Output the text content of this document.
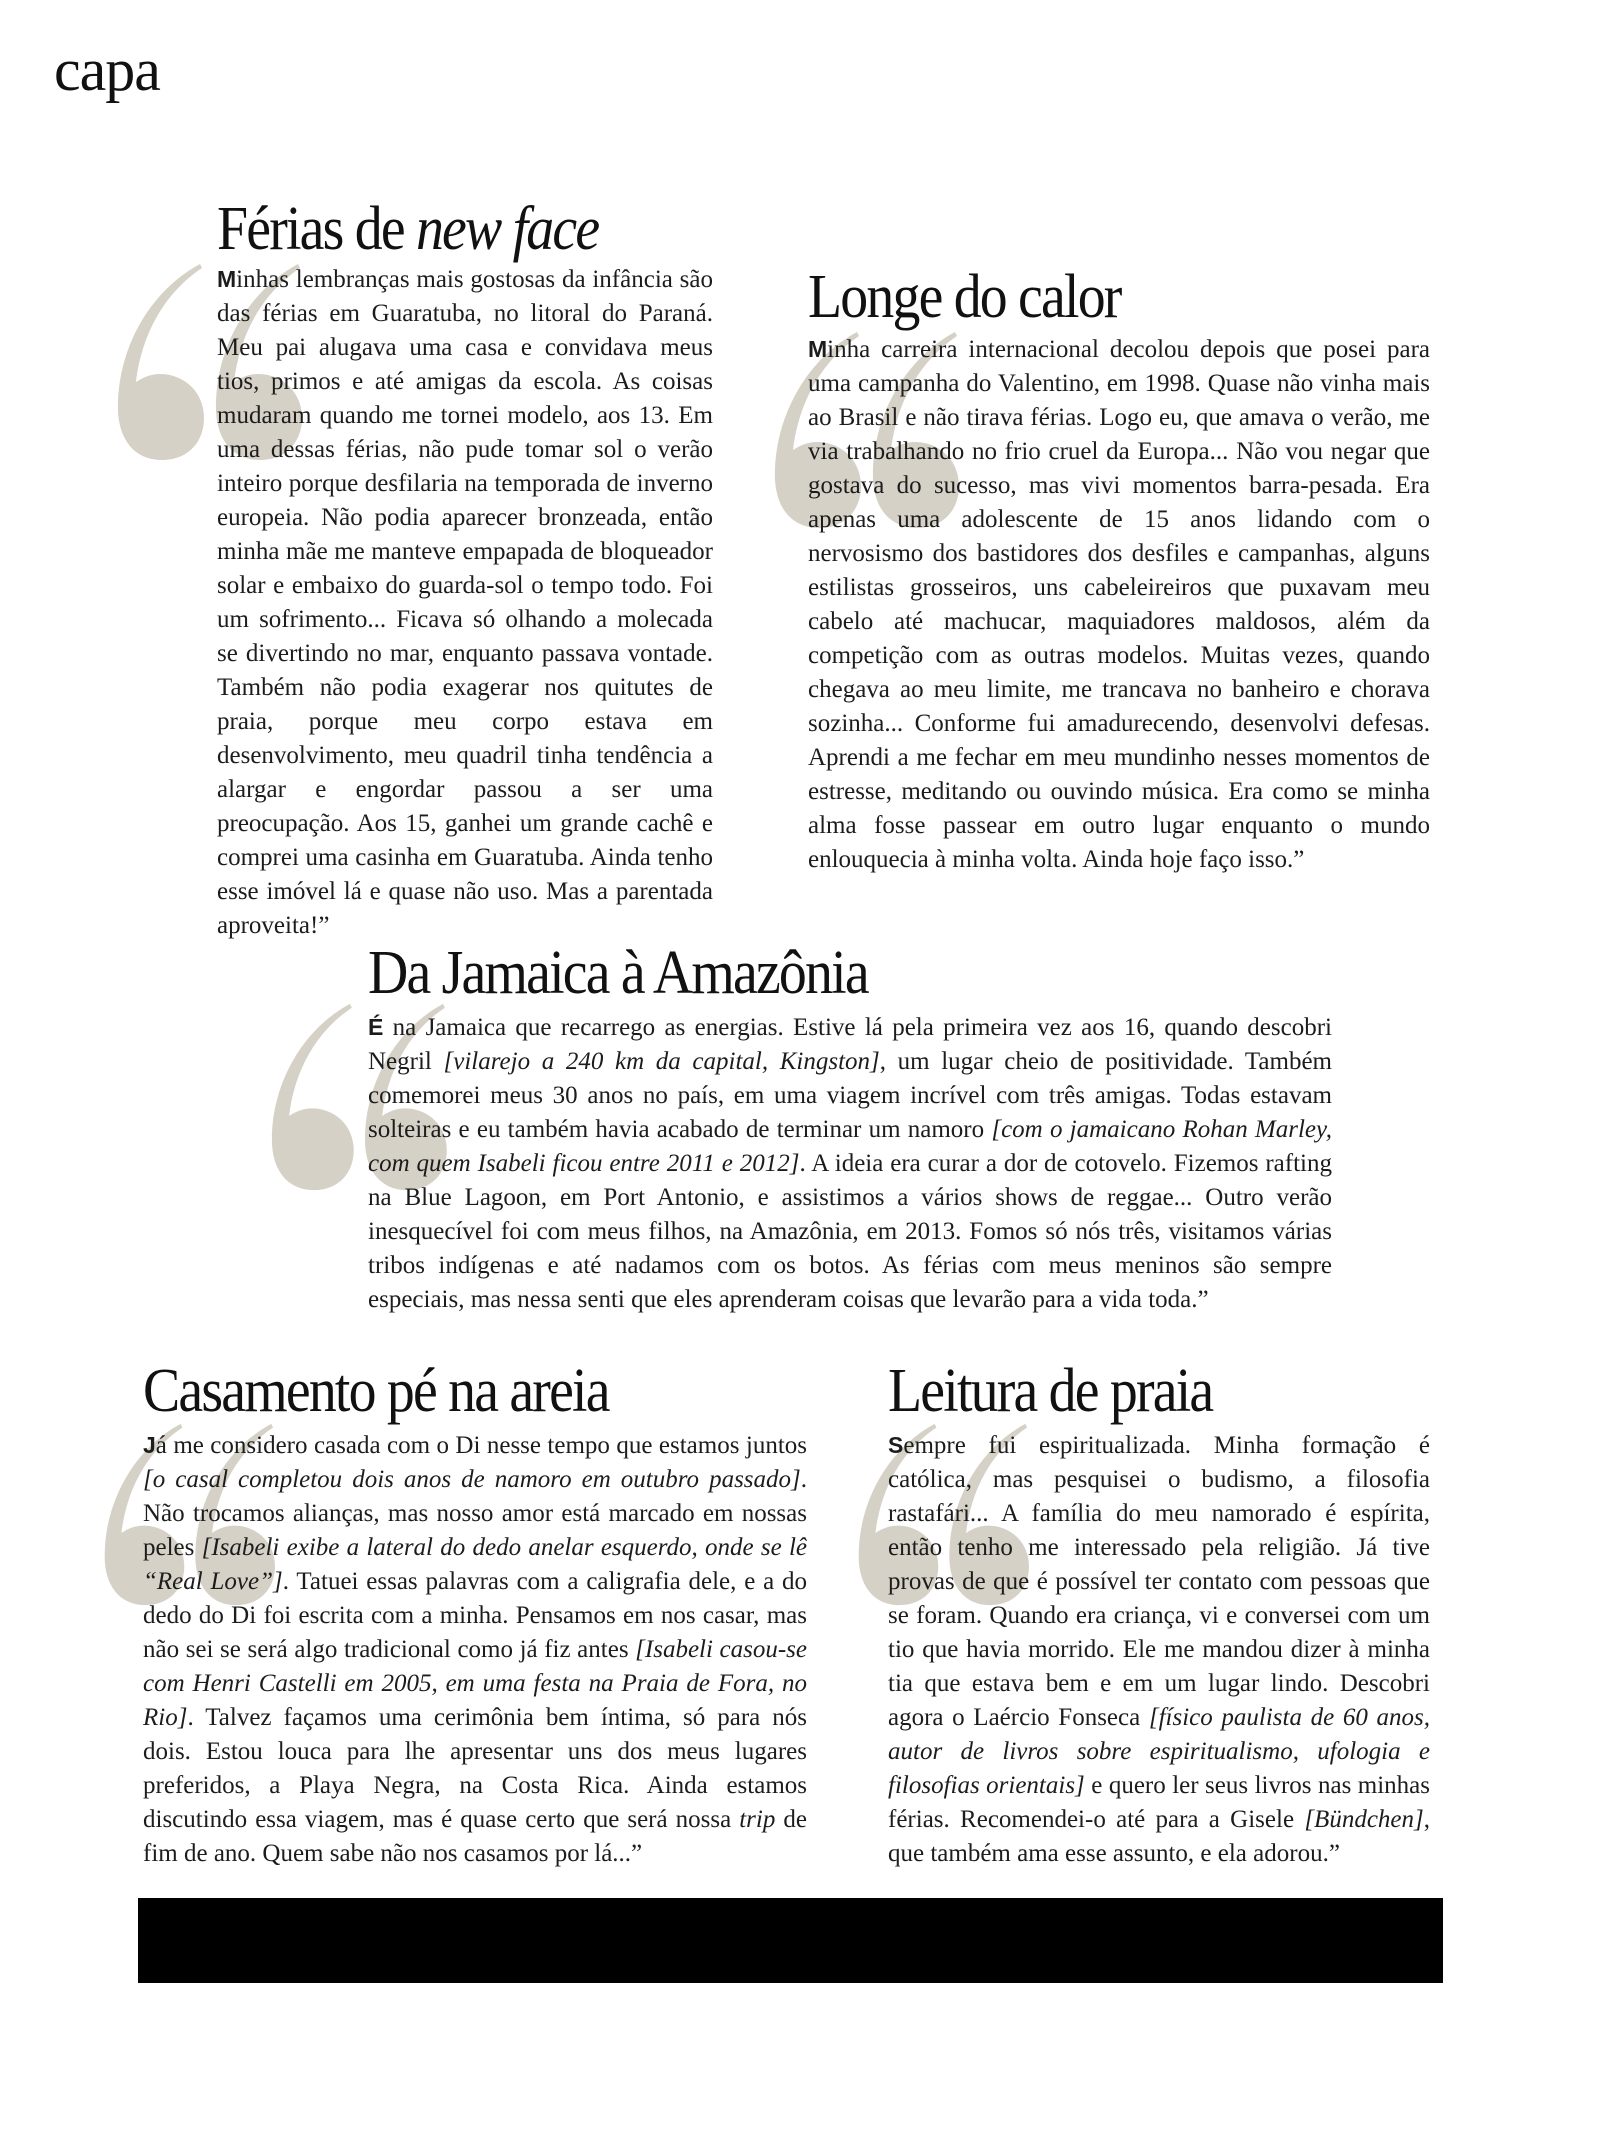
capa
Férias de new face

Minhas lembranças mais gostosas da infância são das férias em Guaratuba, no litoral do Paraná. Meu pai alugava uma casa e convidava meus tios, primos e até amigas da escola. As coisas mudaram quando me tornei modelo, aos 13. Em uma dessas férias, não pude tomar sol o verão inteiro porque desfilaria na temporada de inverno europeia. Não podia aparecer bronzeada, então minha mãe me manteve empapada de bloqueador solar e embaixo do guarda-sol o tempo todo. Foi um sofrimento... Ficava só olhando a molecada se divertindo no mar, enquanto passava vontade. Também não podia exagerar nos quitutes de praia, porque meu corpo estava em desenvolvimento, meu quadril tinha tendência a alargar e engordar passou a ser uma preocupação. Aos 15, ganhei um grande cachê e comprei uma casinha em Guaratuba. Ainda tenho esse imóvel lá e quase não uso. Mas a parentada aproveita!”

Longe do calor

Minha carreira internacional decolou depois que posei para uma campanha do Valentino, em 1998. Quase não vinha mais ao Brasil e não tirava férias. Logo eu, que amava o verão, me via trabalhando no frio cruel da Europa... Não vou negar que gostava do sucesso, mas vivi momentos barra-pesada. Era apenas uma adolescente de 15 anos lidando com o nervosismo dos bastidores dos desfiles e campanhas, alguns estilistas grosseiros, uns cabeleireiros que puxavam meu cabelo até machucar, maquiadores maldosos, além da competição com as outras modelos. Muitas vezes, quando chegava ao meu limite, me trancava no banheiro e chorava sozinha... Conforme fui amadurecendo, desenvolvi defesas. Aprendi a me fechar em meu mundinho nesses momentos de estresse, meditando ou ouvindo música. Era como se minha alma fosse passear em outro lugar enquanto o mundo enlouquecia à minha volta. Ainda hoje faço isso.”

Da Jamaica à Amazônia

É na Jamaica que recarrego as energias. Estive lá pela primeira vez aos 16, quando descobri Negril [vilarejo a 240 km da capital, Kingston], um lugar cheio de positividade. Também comemorei meus 30 anos no país, em uma viagem incrível com três amigas. Todas estavam solteiras e eu também havia acabado de terminar um namoro [com o jamaicano Rohan Marley, com quem Isabeli ficou entre 2011 e 2012]. A ideia era curar a dor de cotovelo. Fizemos rafting na Blue Lagoon, em Port Antonio, e assistimos a vários shows de reggae... Outro verão inesquecível foi com meus filhos, na Amazônia, em 2013. Fomos só nós três, visitamos várias tribos indígenas e até nadamos com os botos. As férias com meus meninos são sempre especiais, mas nessa senti que eles aprenderam coisas que levarão para a vida toda.”

Casamento pé na areia

Já me considero casada com o Di nesse tempo que estamos juntos [o casal completou dois anos de namoro em outubro passado]. Não trocamos alianças, mas nosso amor está marcado em nossas peles [Isabeli exibe a lateral do dedo anelar esquerdo, onde se lê “Real Love”]. Tatuei essas palavras com a caligrafia dele, e a do dedo do Di foi escrita com a minha. Pensamos em nos casar, mas não sei se será algo tradicional como já fiz antes [Isabeli casou-se com Henri Castelli em 2005, em uma festa na Praia de Fora, no Rio]. Talvez façamos uma cerimônia bem íntima, só para nós dois. Estou louca para lhe apresentar uns dos meus lugares preferidos, a Playa Negra, na Costa Rica. Ainda estamos discutindo essa viagem, mas é quase certo que será nossa trip de fim de ano. Quem sabe não nos casamos por lá...”

Leitura de praia

Sempre fui espiritualizada. Minha formação é católica, mas pesquisei o budismo, a filosofia rastafári... A família do meu namorado é espírita, então tenho me interessado pela religião. Já tive provas de que é possível ter contato com pessoas que se foram. Quando era criança, vi e conversei com um tio que havia morrido. Ele me mandou dizer à minha tia que estava bem e em um lugar lindo. Descobri agora o Laércio Fonseca [físico paulista de 60 anos, autor de livros sobre espiritualismo, ufologia e filosofias orientais] e quero ler seus livros nas minhas férias. Recomendei-o até para a Gisele [Bündchen], que também ama esse assunto, e ela adorou.”
